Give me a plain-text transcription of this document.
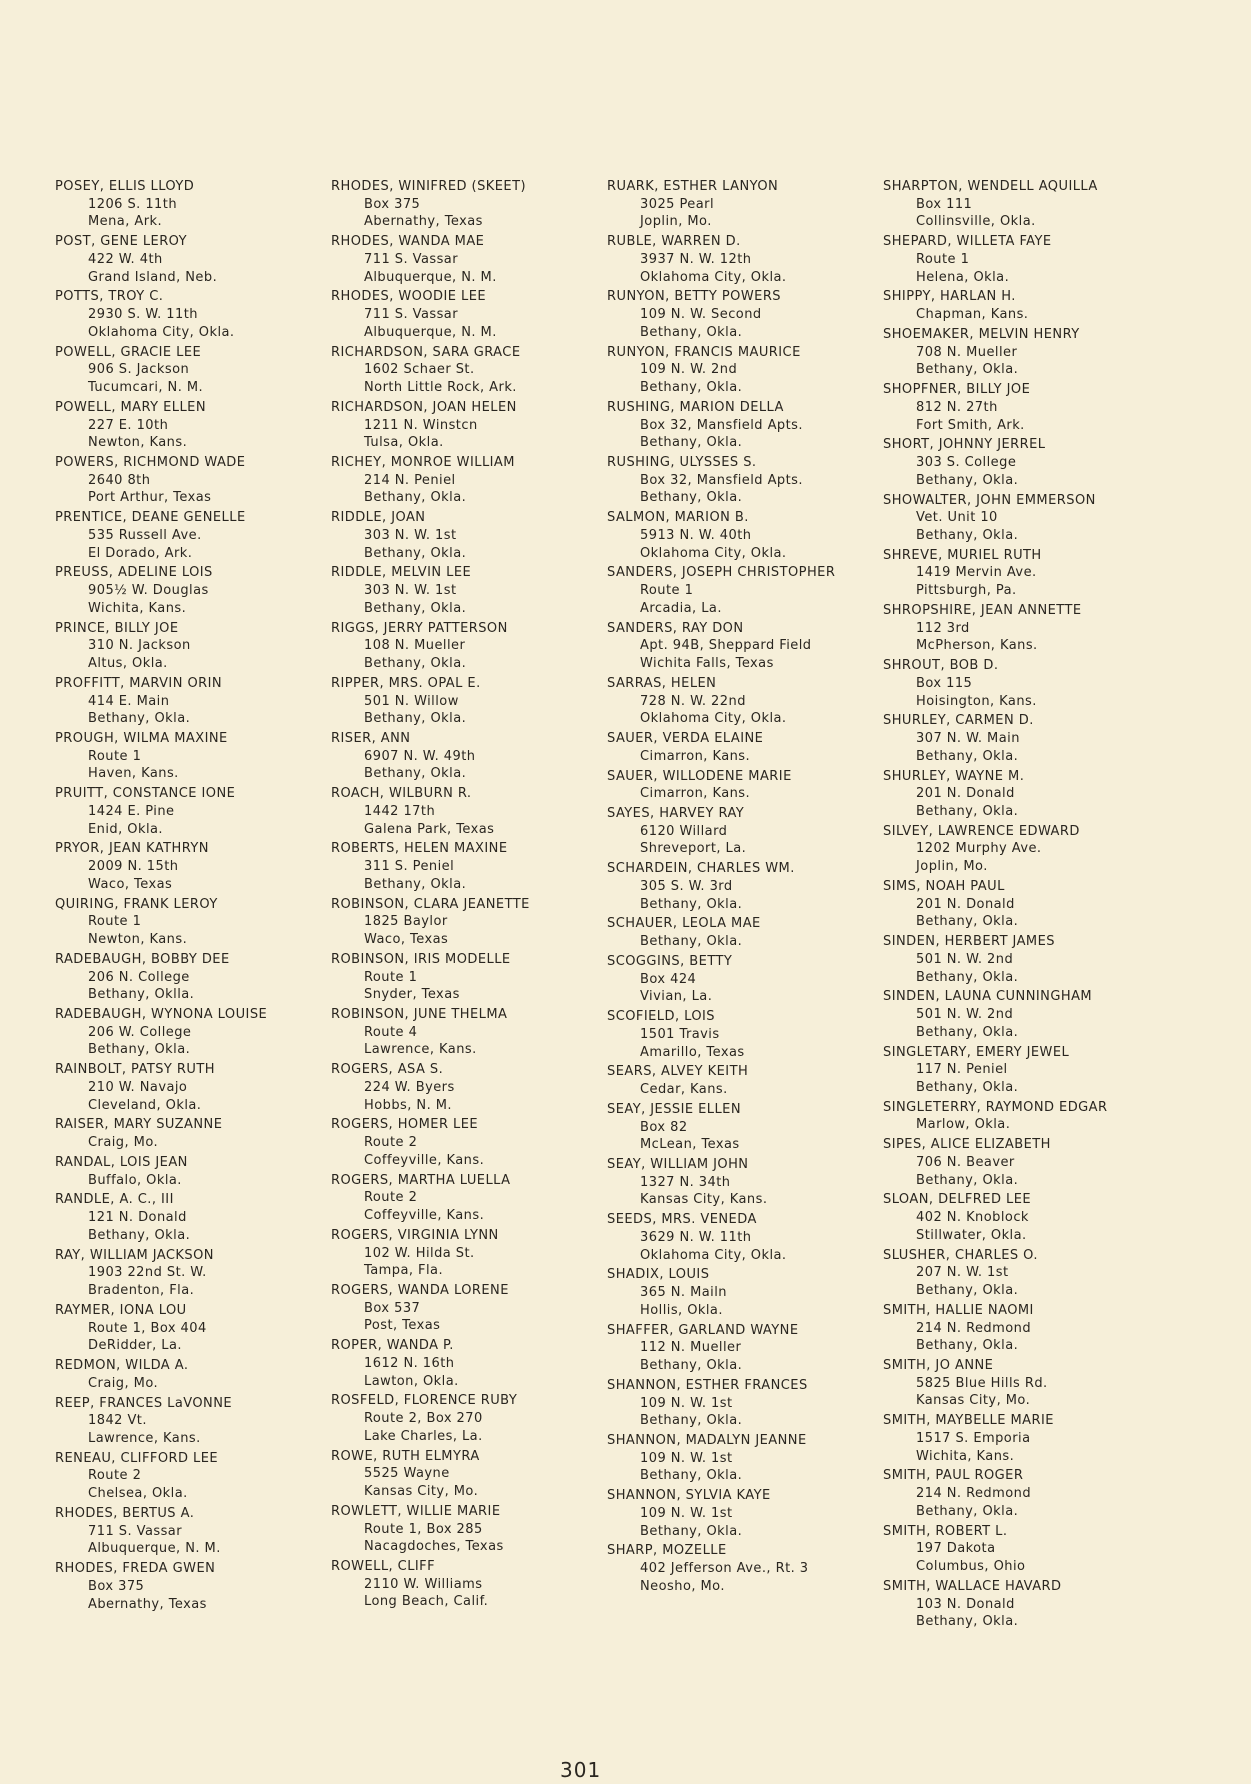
POSEY, ELLIS LLOYD
1206 S. 11th
Mena, Ark.
POST, GENE LEROY
422 W. 4th
Grand Island, Neb.
POTTS, TROY C.
2930 S. W. 11th
Oklahoma City, Okla.
POWELL, GRACIE LEE
906 S. Jackson
Tucumcari, N. M.
POWELL, MARY ELLEN
227 E. 10th
Newton, Kans.
POWERS, RICHMOND WADE
2640 8th
Port Arthur, Texas
PRENTICE, DEANE GENELLE
535 Russell Ave.
El Dorado, Ark.
PREUSS, ADELINE LOIS
905½ W. Douglas
Wichita, Kans.
PRINCE, BILLY JOE
310 N. Jackson
Altus, Okla.
PROFFITT, MARVIN ORIN
414 E. Main
Bethany, Okla.
PROUGH, WILMA MAXINE
Route 1
Haven, Kans.
PRUITT, CONSTANCE IONE
1424 E. Pine
Enid, Okla.
PRYOR, JEAN KATHRYN
2009 N. 15th
Waco, Texas
QUIRING, FRANK LEROY
Route 1
Newton, Kans.
RADEBAUGH, BOBBY DEE
206 N. College
Bethany, Oklla.
RADEBAUGH, WYNONA LOUISE
206 W. College
Bethany, Okla.
RAINBOLT, PATSY RUTH
210 W. Navajo
Cleveland, Okla.
RAISER, MARY SUZANNE
Craig, Mo.
RANDAL, LOIS JEAN
Buffalo, Okla.
RANDLE, A. C., III
121 N. Donald
Bethany, Okla.
RAY, WILLIAM JACKSON
1903 22nd St. W.
Bradenton, Fla.
RAYMER, IONA LOU
Route 1, Box 404
DeRidder, La.
REDMON, WILDA A.
Craig, Mo.
REEP, FRANCES LaVONNE
1842 Vt.
Lawrence, Kans.
RENEAU, CLIFFORD LEE
Route 2
Chelsea, Okla.
RHODES, BERTUS A.
711 S. Vassar
Albuquerque, N. M.
RHODES, FREDA GWEN
Box 375
Abernathy, Texas
RHODES, WINIFRED (SKEET)
Box 375
Abernathy, Texas
RHODES, WANDA MAE
711 S. Vassar
Albuquerque, N. M.
RHODES, WOODIE LEE
711 S. Vassar
Albuquerque, N. M.
RICHARDSON, SARA GRACE
1602 Schaer St.
North Little Rock, Ark.
RICHARDSON, JOAN HELEN
1211 N. Winstcn
Tulsa, Okla.
RICHEY, MONROE WILLIAM
214 N. Peniel
Bethany, Okla.
RIDDLE, JOAN
303 N. W. 1st
Bethany, Okla.
RIDDLE, MELVIN LEE
303 N. W. 1st
Bethany, Okla.
RIGGS, JERRY PATTERSON
108 N. Mueller
Bethany, Okla.
RIPPER, MRS. OPAL E.
501 N. Willow
Bethany, Okla.
RISER, ANN
6907 N. W. 49th
Bethany, Okla.
ROACH, WILBURN R.
1442 17th
Galena Park, Texas
ROBERTS, HELEN MAXINE
311 S. Peniel
Bethany, Okla.
ROBINSON, CLARA JEANETTE
1825 Baylor
Waco, Texas
ROBINSON, IRIS MODELLE
Route 1
Snyder, Texas
ROBINSON, JUNE THELMA
Route 4
Lawrence, Kans.
ROGERS, ASA S.
224 W. Byers
Hobbs, N. M.
ROGERS, HOMER LEE
Route 2
Coffeyville, Kans.
ROGERS, MARTHA LUELLA
Route 2
Coffeyville, Kans.
ROGERS, VIRGINIA LYNN
102 W. Hilda St.
Tampa, Fla.
ROGERS, WANDA LORENE
Box 537
Post, Texas
ROPER, WANDA P.
1612 N. 16th
Lawton, Okla.
ROSFELD, FLORENCE RUBY
Route 2, Box 270
Lake Charles, La.
ROWE, RUTH ELMYRA
5525 Wayne
Kansas City, Mo.
ROWLETT, WILLIE MARIE
Route 1, Box 285
Nacagdoches, Texas
ROWELL, CLIFF
2110 W. Williams
Long Beach, Calif.
RUARK, ESTHER LANYON
3025 Pearl
Joplin, Mo.
RUBLE, WARREN D.
3937 N. W. 12th
Oklahoma City, Okla.
RUNYON, BETTY POWERS
109 N. W. Second
Bethany, Okla.
RUNYON, FRANCIS MAURICE
109 N. W. 2nd
Bethany, Okla.
RUSHING, MARION DELLA
Box 32, Mansfield Apts.
Bethany, Okla.
RUSHING, ULYSSES S.
Box 32, Mansfield Apts.
Bethany, Okla.
SALMON, MARION B.
5913 N. W. 40th
Oklahoma City, Okla.
SANDERS, JOSEPH CHRISTOPHER
Route 1
Arcadia, La.
SANDERS, RAY DON
Apt. 94B, Sheppard Field
Wichita Falls, Texas
SARRAS, HELEN
728 N. W. 22nd
Oklahoma City, Okla.
SAUER, VERDA ELAINE
Cimarron, Kans.
SAUER, WILLODENE MARIE
Cimarron, Kans.
SAYES, HARVEY RAY
6120 Willard
Shreveport, La.
SCHARDEIN, CHARLES WM.
305 S. W. 3rd
Bethany, Okla.
SCHAUER, LEOLA MAE
Bethany, Okla.
SCOGGINS, BETTY
Box 424
Vivian, La.
SCOFIELD, LOIS
1501 Travis
Amarillo, Texas
SEARS, ALVEY KEITH
Cedar, Kans.
SEAY, JESSIE ELLEN
Box 82
McLean, Texas
SEAY, WILLIAM JOHN
1327 N. 34th
Kansas City, Kans.
SEEDS, MRS. VENEDA
3629 N. W. 11th
Oklahoma City, Okla.
SHADIX, LOUIS
365 N. Mailn
Hollis, Okla.
SHAFFER, GARLAND WAYNE
112 N. Mueller
Bethany, Okla.
SHANNON, ESTHER FRANCES
109 N. W. 1st
Bethany, Okla.
SHANNON, MADALYN JEANNE
109 N. W. 1st
Bethany, Okla.
SHANNON, SYLVIA KAYE
109 N. W. 1st
Bethany, Okla.
SHARP, MOZELLE
402 Jefferson Ave., Rt. 3
Neosho, Mo.
SHARPTON, WENDELL AQUILLA
Box 111
Collinsville, Okla.
SHEPARD, WILLETA FAYE
Route 1
Helena, Okla.
SHIPPY, HARLAN H.
Chapman, Kans.
SHOEMAKER, MELVIN HENRY
708 N. Mueller
Bethany, Okla.
SHOPFNER, BILLY JOE
812 N. 27th
Fort Smith, Ark.
SHORT, JOHNNY JERREL
303 S. College
Bethany, Okla.
SHOWALTER, JOHN EMMERSON
Vet. Unit 10
Bethany, Okla.
SHREVE, MURIEL RUTH
1419 Mervin Ave.
Pittsburgh, Pa.
SHROPSHIRE, JEAN ANNETTE
112 3rd
McPherson, Kans.
SHROUT, BOB D.
Box 115
Hoisington, Kans.
SHURLEY, CARMEN D.
307 N. W. Main
Bethany, Okla.
SHURLEY, WAYNE M.
201 N. Donald
Bethany, Okla.
SILVEY, LAWRENCE EDWARD
1202 Murphy Ave.
Joplin, Mo.
SIMS, NOAH PAUL
201 N. Donald
Bethany, Okla.
SINDEN, HERBERT JAMES
501 N. W. 2nd
Bethany, Okla.
SINDEN, LAUNA CUNNINGHAM
501 N. W. 2nd
Bethany, Okla.
SINGLETARY, EMERY JEWEL
117 N. Peniel
Bethany, Okla.
SINGLETERRY, RAYMOND EDGAR
Marlow, Okla.
SIPES, ALICE ELIZABETH
706 N. Beaver
Bethany, Okla.
SLOAN, DELFRED LEE
402 N. Knoblock
Stillwater, Okla.
SLUSHER, CHARLES O.
207 N. W. 1st
Bethany, Okla.
SMITH, HALLIE NAOMI
214 N. Redmond
Bethany, Okla.
SMITH, JO ANNE
5825 Blue Hills Rd.
Kansas City, Mo.
SMITH, MAYBELLE MARIE
1517 S. Emporia
Wichita, Kans.
SMITH, PAUL ROGER
214 N. Redmond
Bethany, Okla.
SMITH, ROBERT L.
197 Dakota
Columbus, Ohio
SMITH, WALLACE HAVARD
103 N. Donald
Bethany, Okla.
301
